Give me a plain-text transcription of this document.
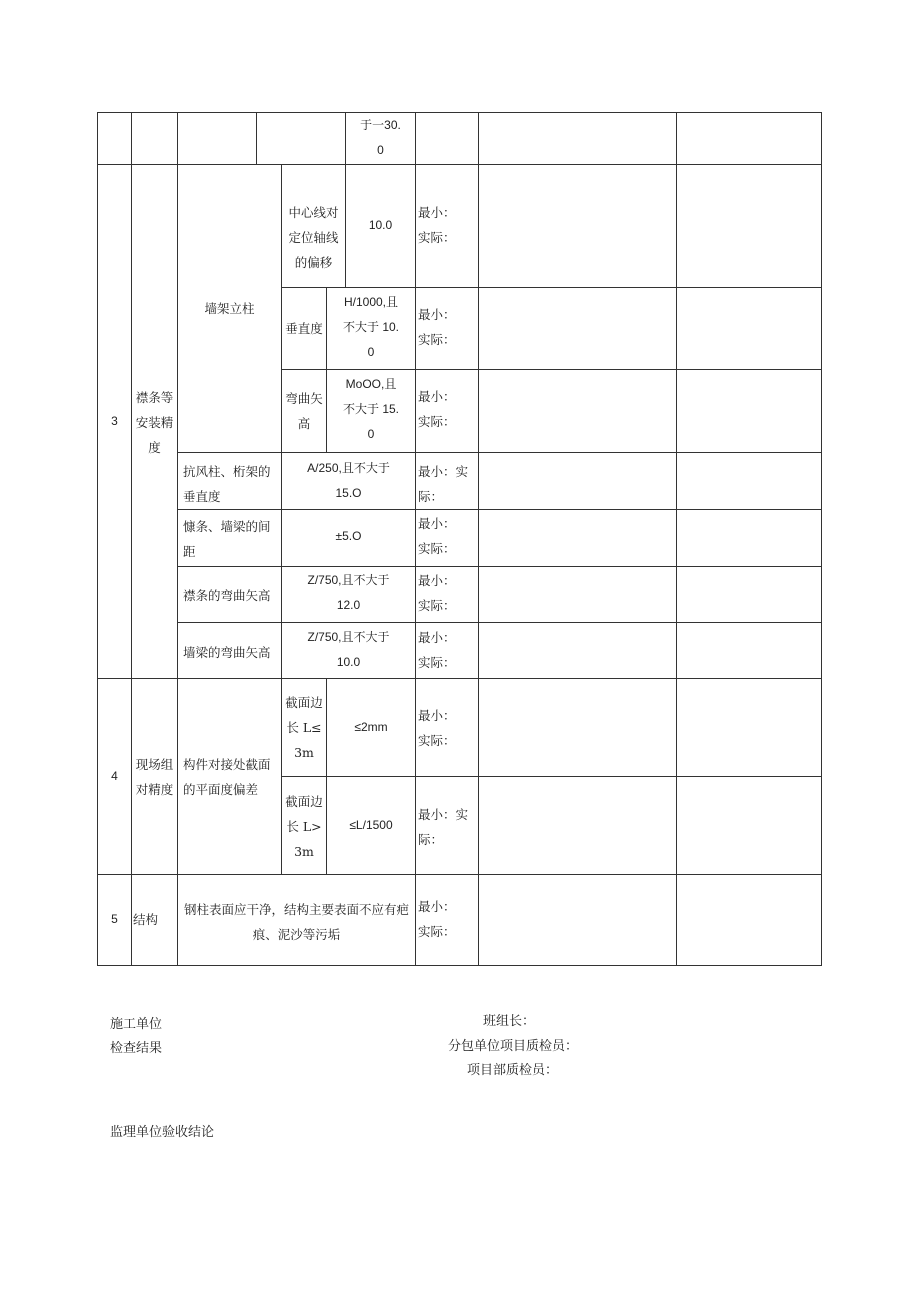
于一30.
0
3
襟条等
安装精
度
墙架立柱
中心线对
定位轴线
的偏移
10.0
最小：
实际：
垂直度
H/1000,且
不大于 10.
0
最小：
实际：
弯曲矢
高
MoOO,且
不大于 15.
0
最小：
实际：
抗风柱、桁架的
垂直度
A/250,且不大于
15.O
最小：实
际：
慷条、墙梁的间
距
±5.O
最小：
实际：
襟条的弯曲矢高
Z/750,且不大于
12.0
最小：
实际：
墙梁的弯曲矢高
Z/750,且不大于
10.0
最小：
实际：
4
现场组
对精度
构件对接处截面
的平面度偏差
截面边
长 L≤
3m
≤2mm
最小：
实际：
截面边
长 L>
3m
≤L/1500
最小：实
际：
5	结构
钢柱表面应干净，结构主要表面不应有疤
痕、泥沙等污垢
最小：
实际：
施工单位
检查结果
班组长：
分包单位项目质检员：
项目部质检员：
监理单位验收结论
